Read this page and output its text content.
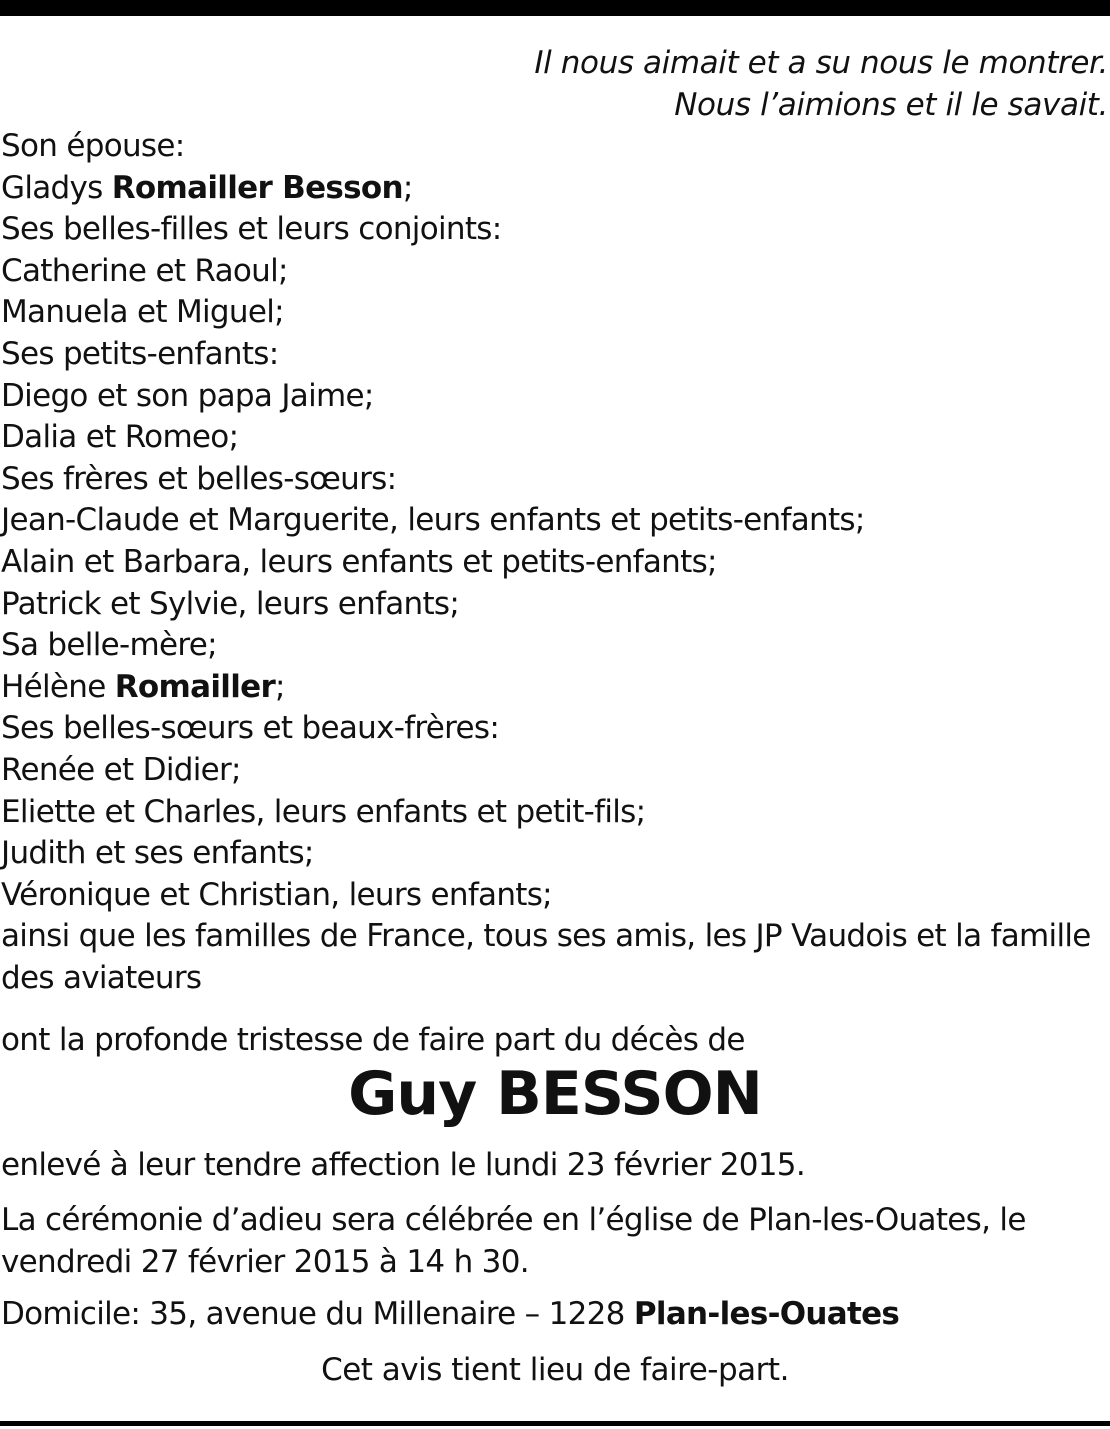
Il nous aimait et a su nous le montrer.
Nous l’aimions et il le savait.
Son épouse:
Gladys Romailler Besson;
Ses belles-filles et leurs conjoints:
Catherine et Raoul;
Manuela et Miguel;
Ses petits-enfants:
Diego et son papa Jaime;
Dalia et Romeo;
Ses frères et belles-sœurs:
Jean-Claude et Marguerite, leurs enfants et petits-enfants;
Alain et Barbara, leurs enfants et petits-enfants;
Patrick et Sylvie, leurs enfants;
Sa belle-mère;
Hélène Romailler;
Ses belles-sœurs et beaux-frères:
Renée et Didier;
Eliette et Charles, leurs enfants et petit-fils;
Judith et ses enfants;
Véronique et Christian, leurs enfants;
ainsi que les familles de France, tous ses amis, les JP Vaudois et la famille des aviateurs
ont la profonde tristesse de faire part du décès de
Guy BESSON
enlevé à leur tendre affection le lundi 23 février 2015.
La cérémonie d’adieu sera célébrée en l’église de Plan-les-Ouates, le vendredi 27 février 2015 à 14 h 30.
Domicile: 35, avenue du Millenaire – 1228 Plan-les-Ouates
Cet avis tient lieu de faire-part.
